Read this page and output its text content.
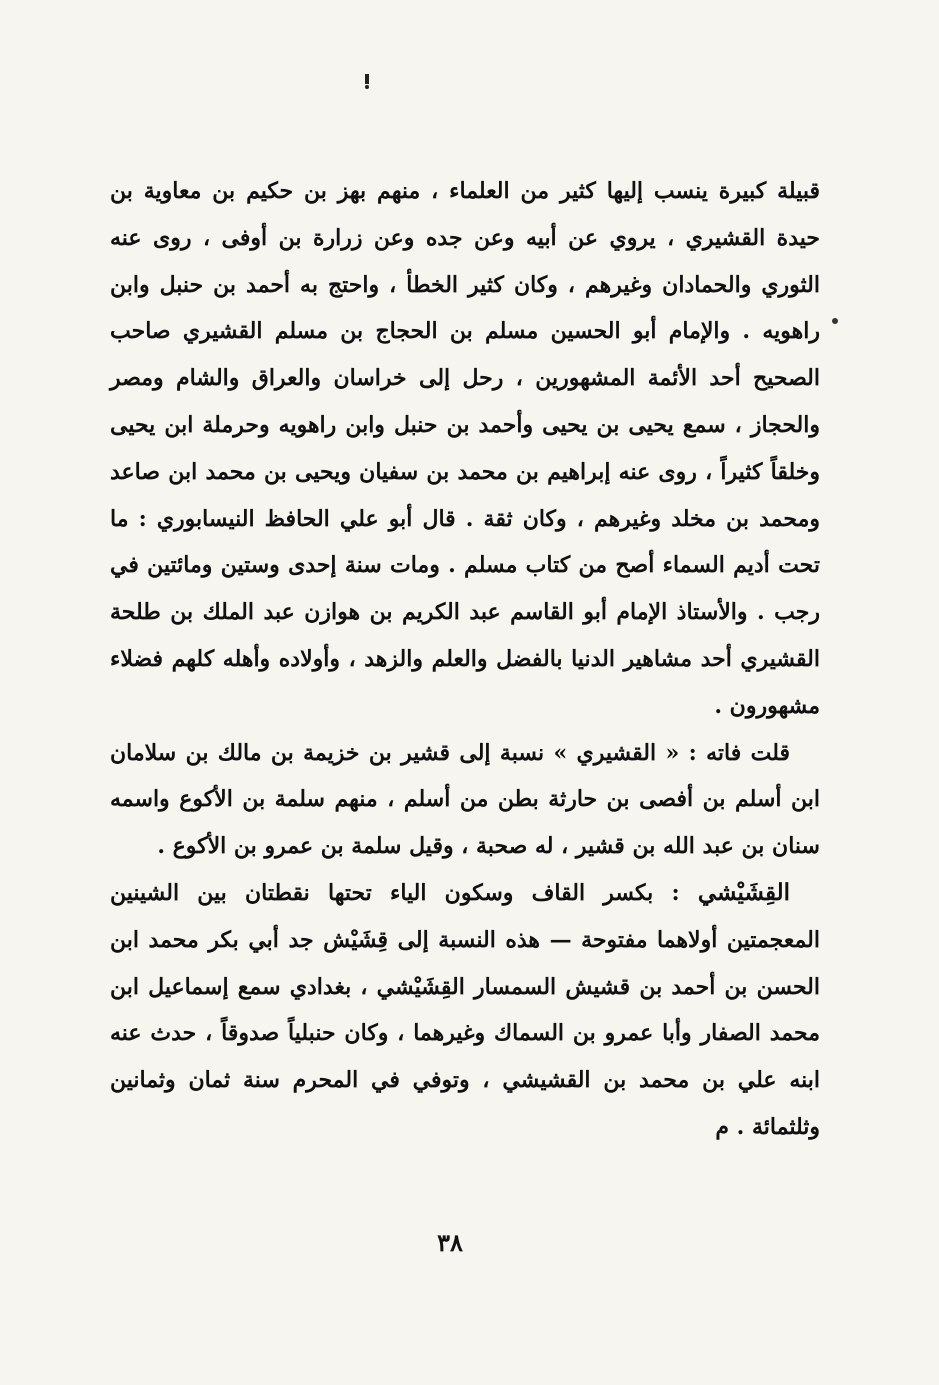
قبيلة كبيرة ينسب إليها كثير من العلماء ، منهم بهز بن حكيم بن معاوية بن حيدة القشيري ، يروي عن أبيه وعن جده وعن زرارة بن أوفى ، روى عنه الثوري والحمادان وغيرهم ، وكان كثير الخطأ ، واحتج به أحمد بن حنبل وابن راهويه . والإمام أبو الحسين مسلم بن الحجاج بن مسلم القشيري صاحب الصحيح أحد الأئمة المشهورين ، رحل إلى خراسان والعراق والشام ومصر والحجاز ، سمع يحيى بن يحيى وأحمد بن حنبل وابن راهويه وحرملة ابن يحيى وخلقاً كثيراً ، روى عنه إبراهيم بن محمد بن سفيان ويحيى بن محمد ابن صاعد ومحمد بن مخلد وغيرهم ، وكان ثقة . قال أبو علي الحافظ النيسابوري : ما تحت أديم السماء أصح من كتاب مسلم . ومات سنة إحدى وستين ومائتين في رجب . والأستاذ الإمام أبو القاسم عبد الكريم بن هوازن عبد الملك بن طلحة القشيري أحد مشاهير الدنيا بالفضل والعلم والزهد ، وأولاده وأهله كلهم فضلاء مشهورون .

قلت فاته : « القشيري » نسبة إلى قشير بن خزيمة بن مالك بن سلامان ابن أسلم بن أفصى بن حارثة بطن من أسلم ، منهم سلمة بن الأكوع واسمه سنان بن عبد الله بن قشير ، له صحبة ، وقيل سلمة بن عمرو بن الأكوع .

القِشَيْشي : بكسر القاف وسكون الياء تحتها نقطتان بين الشينين المعجمتين أولاهما مفتوحة — هذه النسبة إلى قِشَيْش جد أبي بكر محمد ابن الحسن بن أحمد بن قشيش السمسار القِشَيْشي ، بغدادي سمع إسماعيل ابن محمد الصفار وأبا عمرو بن السماك وغيرهما ، وكان حنبلياً صدوقاً ، حدث عنه ابنه علي بن محمد بن القشيشي ، وتوفي في المحرم سنة ثمان وثمانين وثلثمائة . م

٣٨
